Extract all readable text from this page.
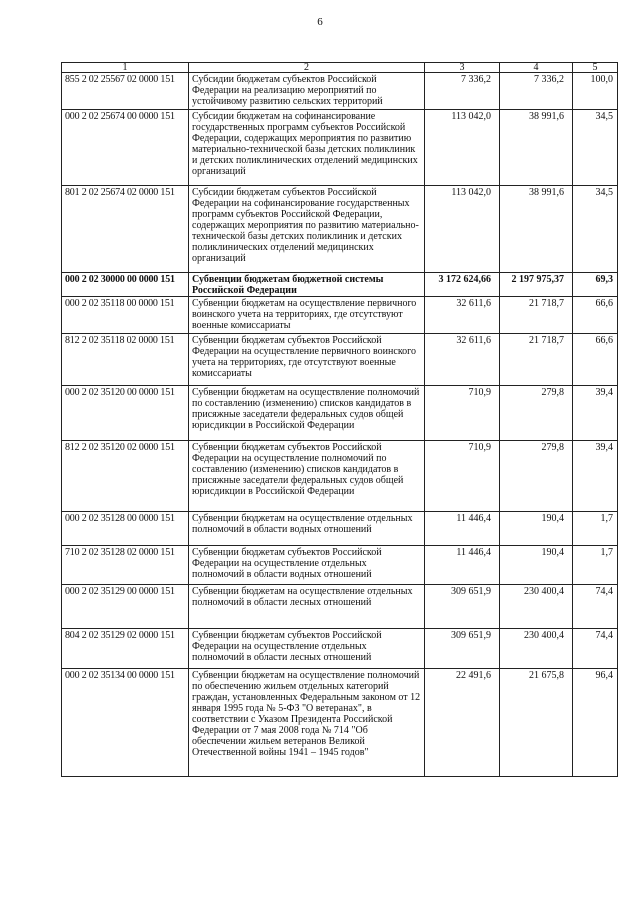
6
1	2	3	4	5
855 2 02 25567 02 0000 151	Субсидии бюджетам субъектов Российской Федерации на реализацию мероприятий по устойчивому развитию сельских территорий	7 336,2	7 336,2	100,0
000 2 02 25674 00 0000 151	Субсидии бюджетам на софинансирование государственных программ субъектов Российской Федерации, содержащих мероприятия по развитию материально-технической базы детских поликлиник и детских поликлинических отделений медицинских организаций	113 042,0	38 991,6	34,5
801 2 02 25674 02 0000 151	Субсидии бюджетам субъектов Российской Федерации на софинансирование государственных программ субъектов Российской Федерации, содержащих мероприятия по развитию материально-технической базы детских поликлиник и детских поликлинических отделений медицинских организаций	113 042,0	38 991,6	34,5
000 2 02 30000 00 0000 151	Субвенции бюджетам бюджетной системы Российской Федерации	3 172 624,66	2 197 975,37	69,3
000 2 02 35118 00 0000 151	Субвенции бюджетам на осуществление первичного воинского учета на территориях, где отсутствуют военные комиссариаты	32 611,6	21 718,7	66,6
812 2 02 35118 02 0000 151	Субвенции бюджетам субъектов Российской Федерации на осуществление первичного воинского учета на территориях, где отсутствуют военные комиссариаты	32 611,6	21 718,7	66,6
000 2 02 35120 00 0000 151	Субвенции бюджетам на осуществление полномочий по составлению (изменению) списков кандидатов в присяжные заседатели федеральных судов общей юрисдикции в Российской Федерации	710,9	279,8	39,4
812 2 02 35120 02 0000 151	Субвенции бюджетам субъектов Российской Федерации на осуществление полномочий по составлению (изменению) списков кандидатов в присяжные заседатели федеральных судов общей юрисдикции в Российской Федерации	710,9	279,8	39,4
000 2 02 35128 00 0000 151	Субвенции бюджетам на осуществление отдельных полномочий в области водных отношений	11 446,4	190,4	1,7
710 2 02 35128 02 0000 151	Субвенции бюджетам субъектов Российской Федерации на осуществление отдельных полномочий в области водных отношений	11 446,4	190,4	1,7
000 2 02 35129 00 0000 151	Субвенции бюджетам на осуществление отдельных полномочий в области лесных отношений	309 651,9	230 400,4	74,4
804 2 02 35129 02 0000 151	Субвенции бюджетам субъектов Российской Федерации на осуществление отдельных полномочий в области лесных отношений	309 651,9	230 400,4	74,4
000 2 02 35134 00 0000 151	Субвенции бюджетам на осуществление полномочий по обеспечению жильем отдельных категорий граждан, установленных Федеральным законом от 12 января 1995 года № 5-ФЗ "О ветеранах", в соответствии с Указом Президента Российской Федерации от 7 мая 2008 года № 714 "Об обеспечении жильем ветеранов Великой Отечественной войны 1941 – 1945 годов"	22 491,6	21 675,8	96,4
